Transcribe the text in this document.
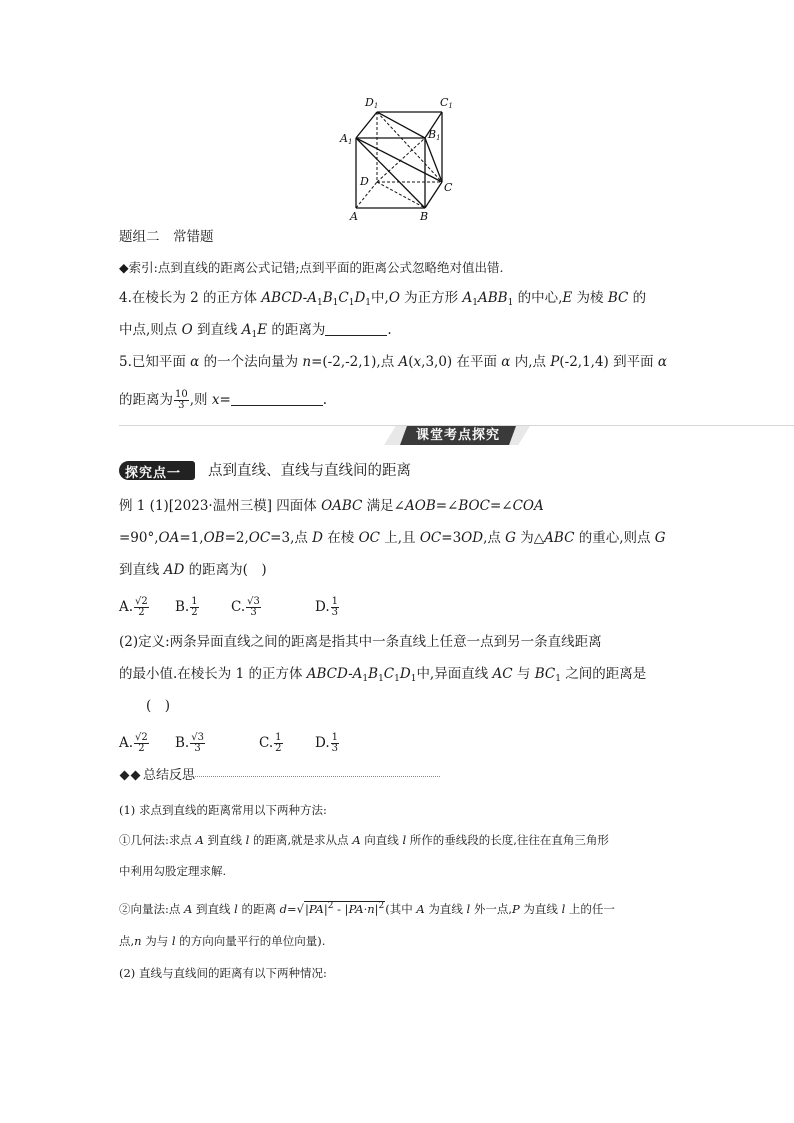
D1	C1
A1
B1
D	C
A	B
题组二　常错题
◆索引:点到直线的距离公式记错;点到平面的距离公式忽略绝对值出错.
4.在棱长为 2 的正方体 ABCD-$A_1B_1C_1D_1$中,O 为正方形 $A_1ABB_1$ 的中心,E 为棱 BC 的
中点,则点 O 到直线 $A_1E$ 的距离为	.
5.已知平面 α 的一个法向量为 n=(-2,-2,1),点 A(x,3,0) 在平面 α 内,点 P(-2,1,4) 到平面 α
的距离为 $\frac{10}{3}$ ,则 x=	.
课堂考点探究
探究点一 点到直线、直线与直线间的距离
例 1 (1)[2023·温州三模] 四面体 OABC 满足∠AOB=∠BOC=∠COA
=90°,OA=1,OB=2,OC=3,点 D 在棱 OC 上,且 OC=3OD,点 G 为△ABC 的重心,则点 G
到直线 AD 的距离为(　)
A. $\frac{√2}{2} B$. $\frac{1}{2} C$. $\frac{√3}{3}$	D. $\frac{1}{3}$
(2)定义:两条异面直线之间的距离是指其中一条直线上任意一点到另一条直线距离
的最小值.在棱长为 1 的正方体 ABCD-$A_1B_1C_1D_1$中,异面直线 AC 与 $BC_1$ 之间的距离是
(　)
A. $\frac{√2}{2} B$. $\frac{√3}{3}$	C. $\frac{1}{2} D$. $\frac{1}{3}$
总结反思
(1) 求点到直线的距离常用以下两种方法:
①几何法:求点 A 到直线 l 的距离,就是求从点 A 向直线 l 所作的垂线段的长度,往往在直角三角形
中利用勾股定理求解.
②向量法:点 A 到直线 l 的距离 $d=√|PA|^2 - |PA\cdot n|^2$(其中 A 为直线 l 外一点,P 为直线 l 上的任一
点,n 为与 l 的方向向量平行的单位向量).
(2) 直线与直线间的距离有以下两种情况:
